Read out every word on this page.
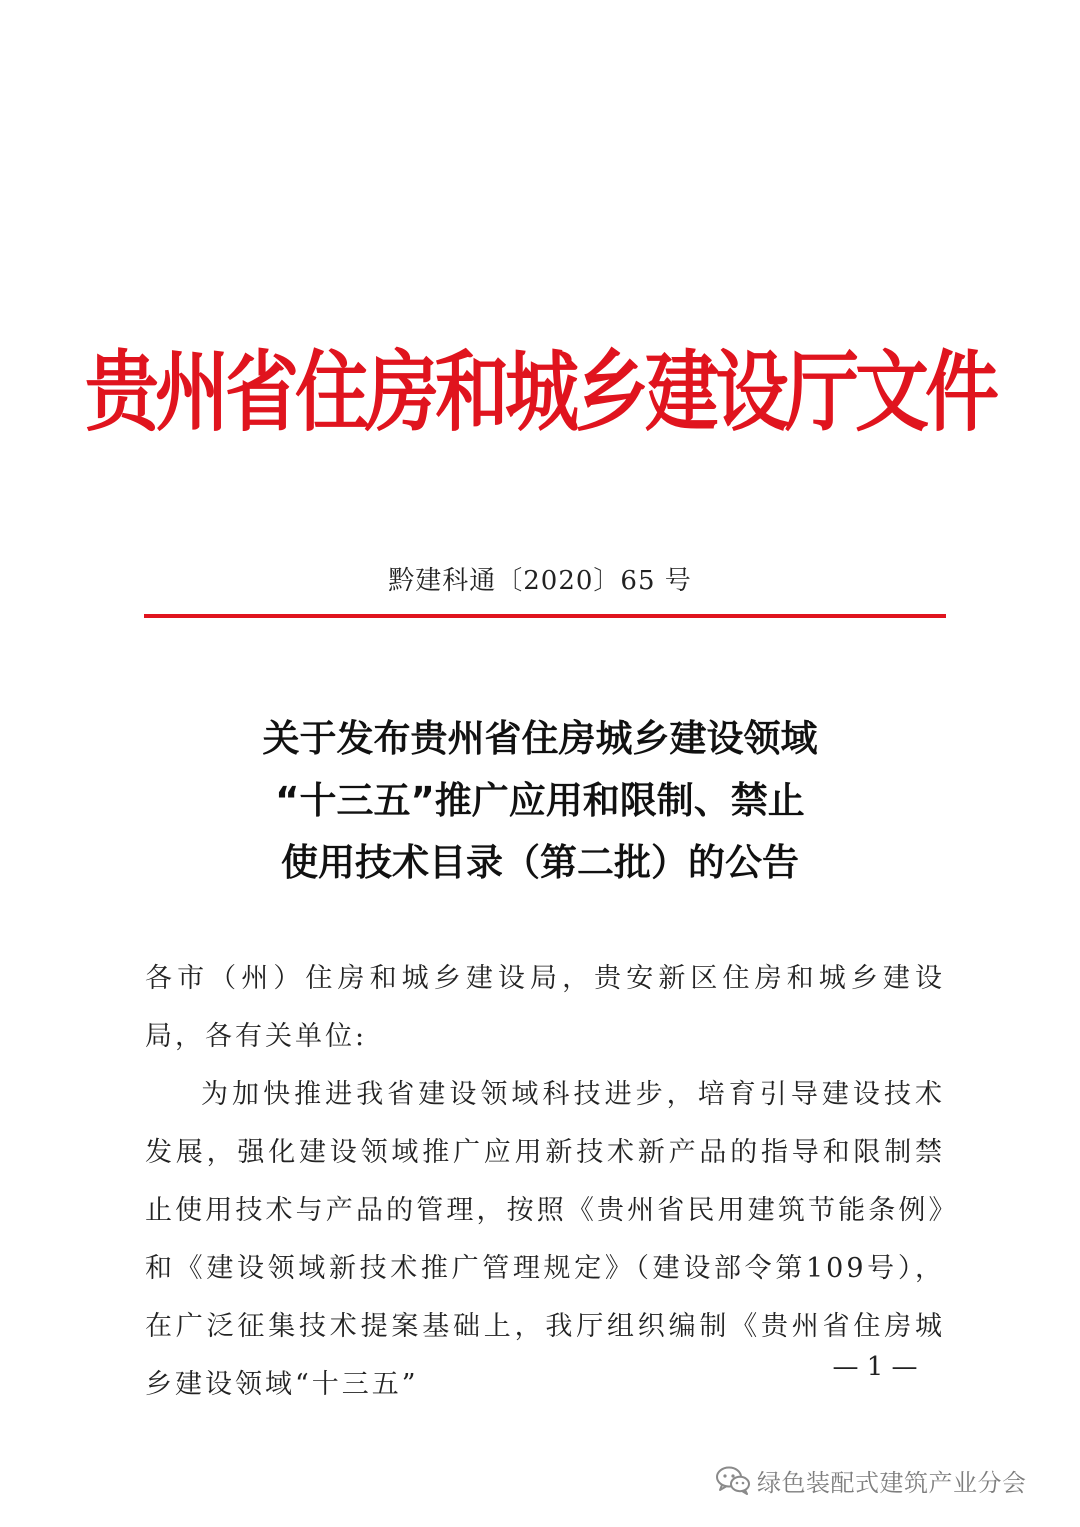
贵州省住房和城乡建设厅文件
黔建科通〔2020〕65 号
关于发布贵州省住房城乡建设领域
“十三五”推广应用和限制、禁止
使用技术目录（第二批）的公告

各市（州）住房和城乡建设局，贵安新区住房和城乡建设局，各有关单位:

为加快推进我省建设领域科技进步，培育引导建设技术发展，强化建设领域推广应用新技术新产品的指导和限制禁止使用技术与产品的管理，按照《贵州省民用建筑节能条例》和《建设领域新技术推广管理规定》（建设部令第109号），在广泛征集技术提案基础上，我厅组织编制《贵州省住房城乡建设领域“十三五”

— 1 —
绿色装配式建筑产业分会
